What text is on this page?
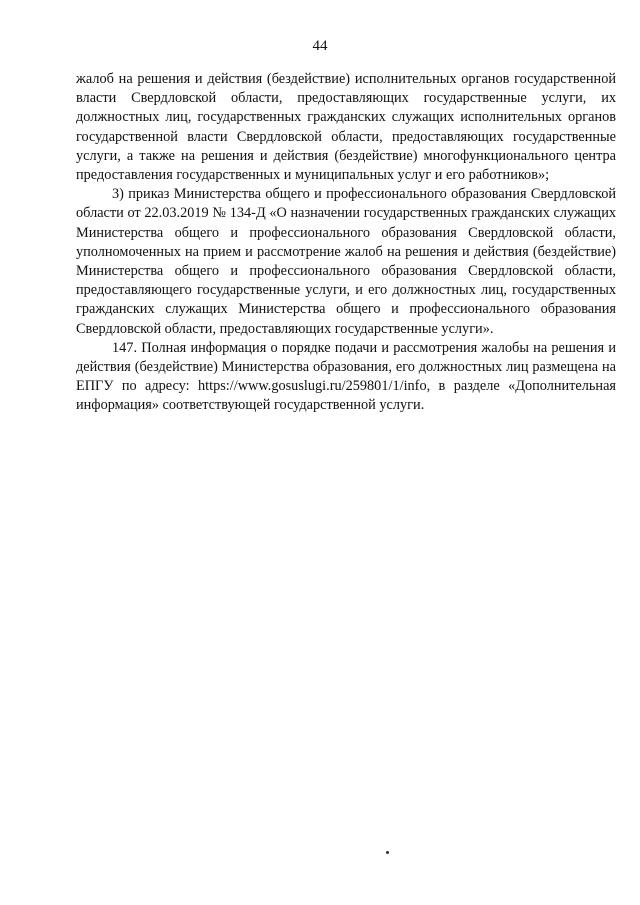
44

жалоб на решения и действия (бездействие) исполнительных органов государственной власти Свердловской области, предоставляющих государственные услуги, их должностных лиц, государственных гражданских служащих исполнительных органов государственной власти Свердловской области, предоставляющих государственные услуги, а также на решения и действия (бездействие) многофункционального центра предоставления государственных и муниципальных услуг и его работников»;

3) приказ Министерства общего и профессионального образования Свердловской области от 22.03.2019 № 134-Д «О назначении государственных гражданских служащих Министерства общего и профессионального образования Свердловской области, уполномоченных на прием и рассмотрение жалоб на решения и действия (бездействие) Министерства общего и профессионального образования Свердловской области, предоставляющего государственные услуги, и его должностных лиц, государственных гражданских служащих Министерства общего и профессионального образования Свердловской области, предоставляющих государственные услуги».

147. Полная информация о порядке подачи и рассмотрения жалобы на решения и действия (бездействие) Министерства образования, его должностных лиц размещена на ЕПГУ по адресу: https://www.gosuslugi.ru/259801/1/info, в разделе «Дополнительная информация» соответствующей государственной услуги.
